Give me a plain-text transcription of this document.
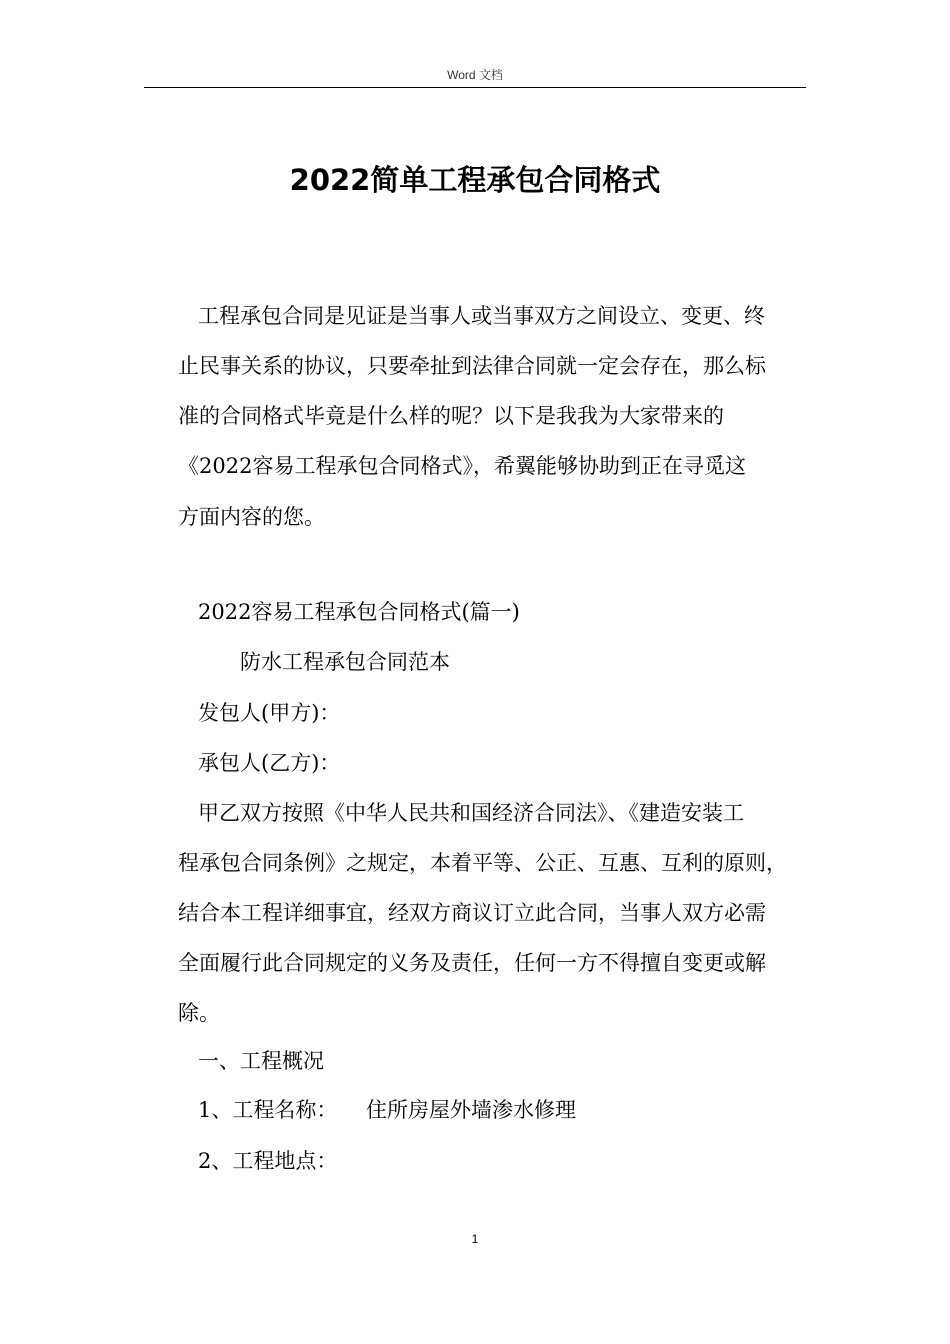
Word 文档
2022简单工程承包合同格式
工程承包合同是见证是当事人或当事双方之间设立、变更、终
止民事关系的协议，只要牵扯到法律合同就一定会存在，那么标
准的合同格式毕竟是什么样的呢？以下是我我为大家带来的
《2022容易工程承包合同格式》，希翼能够协助到正在寻觅这
方面内容的您。
2022容易工程承包合同格式(篇一)
防水工程承包合同范本
发包人(甲方)：
承包人(乙方)：
甲乙双方按照《中华人民共和国经济合同法》、《建造安装工
程承包合同条例》之规定，本着平等、公正、互惠、互利的原则，
结合本工程详细事宜，经双方商议订立此合同，当事人双方必需
全面履行此合同规定的义务及责任，任何一方不得擅自变更或解
除。
一、工程概况
1、工程名称： 住所房屋外墙渗水修理
2、工程地点：
1
